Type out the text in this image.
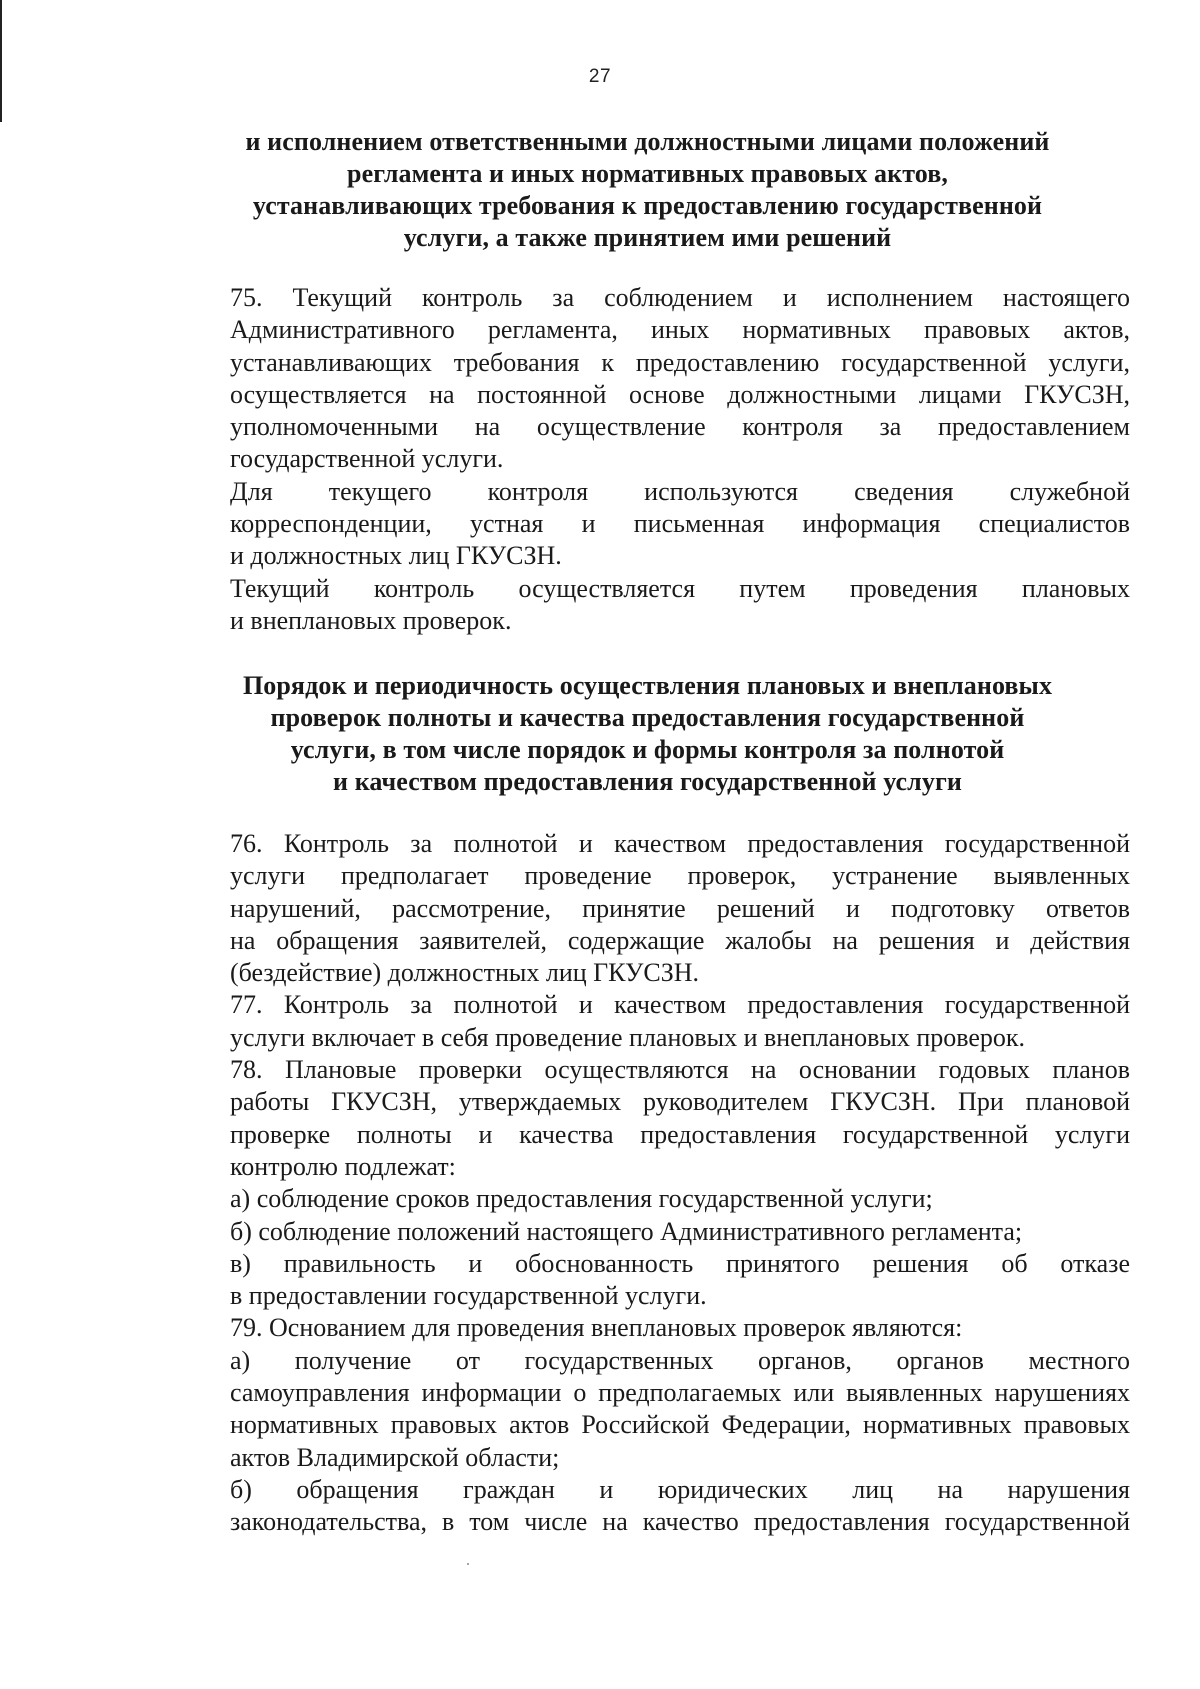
27
и исполнением ответственными должностными лицами положений
регламента и иных нормативных правовых актов,
устанавливающих требования к предоставлению государственной
услуги, а также принятием ими решений

75. Текущий контроль за соблюдением и исполнением настоящего
Административного регламента, иных нормативных правовых актов,
устанавливающих требования к предоставлению государственной услуги,
осуществляется на постоянной основе должностными лицами ГКУСЗН,
уполномоченными на осуществление контроля за предоставлением
государственной услуги.

Для текущего контроля используются сведения служебной
корреспонденции, устная и письменная информация специалистов
и должностных лиц ГКУСЗН.

Текущий контроль осуществляется путем проведения плановых
и внеплановых проверок.

Порядок и периодичность осуществления плановых и внеплановых
проверок полноты и качества предоставления государственной
услуги, в том числе порядок и формы контроля за полнотой
и качеством предоставления государственной услуги

76. Контроль за полнотой и качеством предоставления государственной
услуги предполагает проведение проверок, устранение выявленных
нарушений, рассмотрение, принятие решений и подготовку ответов
на обращения заявителей, содержащие жалобы на решения и действия
(бездействие) должностных лиц ГКУСЗН.

77. Контроль за полнотой и качеством предоставления государственной
услуги включает в себя проведение плановых и внеплановых проверок.

78. Плановые проверки осуществляются на основании годовых планов
работы ГКУСЗН, утверждаемых руководителем ГКУСЗН. При плановой
проверке полноты и качества предоставления государственной услуги
контролю подлежат:

а) соблюдение сроков предоставления государственной услуги;

б) соблюдение положений настоящего Административного регламента;

в) правильность и обоснованность принятого решения об отказе
в предоставлении государственной услуги.

79. Основанием для проведения внеплановых проверок являются:

а) получение от государственных органов, органов местного
самоуправления информации о предполагаемых или выявленных нарушениях
нормативных правовых актов Российской Федерации, нормативных правовых
актов Владимирской области;

б) обращения граждан и юридических лиц на нарушения
законодательства, в том числе на качество предоставления государственной
